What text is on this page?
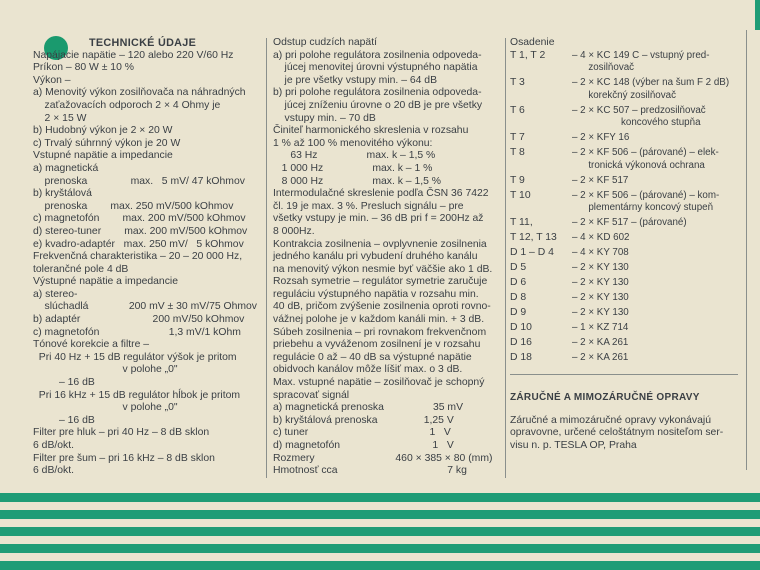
TECHNICKÉ ÚDAJE
Napájacie napätie – 120 alebo 220 V/60 Hz
Príkon – 80 W ± 10 %
Výkon –
a) Menovitý výkon zosilňovača na náhradných
zaťažovacích odporoch 2 × 4 Ohmy je
2 × 15 W
b) Hudobný výkon je 2 × 20 W
c) Trvalý súhrnný výkon je 20 W
Vstupné napätie a impedancie
a) magnetická
prenoska               max.   5 mV/ 47 kOhmov
b) kryštálová
prenoska        max. 250 mV/500 kOhmov
c) magnetofón        max. 200 mV/500 kOhmov
d) stereo-tuner        max. 200 mV/500 kOhmov
e) kvadro-adaptér   max. 250 mV/   5 kOhmov
Frekvenčná charakteristika – 20 – 20 000 Hz,
tolerančné pole 4 dB
Výstupné napätie a impedancie
a) stereo-
slúchadlá              200 mV ± 30 mV/75 Ohmov
b) adaptér                         200 mV/50 kOhmov
c) magnetofón                        1,3 mV/1 kOhm
Tónové korekcie a filtre –
Pri 40 Hz + 15 dB regulátor výšok je pritom
v polohe „0"
– 16 dB
Pri 16 kHz + 15 dB regulátor hĺbok je pritom
v polohe „0"
– 16 dB
Filter pre hluk – pri 40 Hz – 8 dB sklon
6 dB/okt.
Filter pre šum – pri 16 kHz – 8 dB sklon
6 dB/okt.
Odstup cudzích napätí
a) pri polohe regulátora zosilnenia odpoveda-
júcej menovitej úrovni výstupného napätia
je pre všetky vstupy min. – 64 dB
b) pri polohe regulátora zosilnenia odpoveda-
júcej zníženiu úrovne o 20 dB je pre všetky
vstupy min. – 70 dB
Činiteľ harmonického skreslenia v rozsahu
1 % až 100 % menovitého výkonu:
63 Hz                 max. k – 1,5 %
1 000 Hz                 max. k – 1 %
8 000 Hz                 max. k – 1,5 %
Intermodulačné skreslenie podľa ČSN 36 7422
čl. 19 je max. 3 %. Presluch signálu – pre
všetky vstupy je min. – 36 dB pri f = 200Hz až
8 000Hz.
Kontrakcia zosilnenia – ovplyvnenie zosilnenia
jedného kanálu pri vybudení druhého kanálu
na menovitý výkon nesmie byť väčšie ako 1 dB.
Rozsah symetrie – regulátor symetrie zaručuje
reguláciu výstupného napätia v rozsahu min.
40 dB, pričom zvýšenie zosilnenia oproti rovno-
vážnej polohe je v každom kanáli min. + 3 dB.
Súbeh zosilnenia – pri rovnakom frekvenčnom
priebehu a vyváženom zosilnení je v rozsahu
regulácie 0 až – 40 dB sa výstupné napätie
obidvoch kanálov môže líšiť max. o 3 dB.
Max. vstupné napätie – zosilňovač je schopný
spracovať signál
a) magnetická prenoska                 35 mV
b) kryštálová prenoska                1,25 V
c) tuner                                          1   V
d) magnetofón                                1   V
Rozmery                            460 × 385 × 80 (mm)
Hmotnosť cca                                      7 kg
Osadenie
T 1, T 2	– 4 × KC 149 C – vstupný pred-
zosilňovač
T 3	– 2 × KC 148 (výber na šum F 2 dB)
korekčný zosilňovač
T 6	– 2 × KC 507 – predzosilňovač
koncového stupňa
T 7	– 2 × KFY 16
T 8	– 2 × KF 506 – (párované) – elek-
tronická výkonová ochrana
T 9	– 2 × KF 517
T 10	– 2 × KF 506 – (párované) – kom-
plementárny koncový stupeň
T 11,	– 2 × KF 517 – (párované)
T 12, T 13	– 4 × KD 602
D 1 – D 4	– 4 × KY 708
D 5	– 2 × KY 130
D 6	– 2 × KY 130
D 8	– 2 × KY 130
D 9	– 2 × KY 130
D 10	– 1 × KZ 714
D 16	– 2 × KA 261
D 18	– 2 × KA 261
ZÁRUČNÉ A MIMOZÁRUČNÉ OPRAVY
Záručné a mimozáručné opravy vykonávajú
opravovne, určené celoštátnym nositeľom ser-
visu n. p. TESLA OP, Praha
